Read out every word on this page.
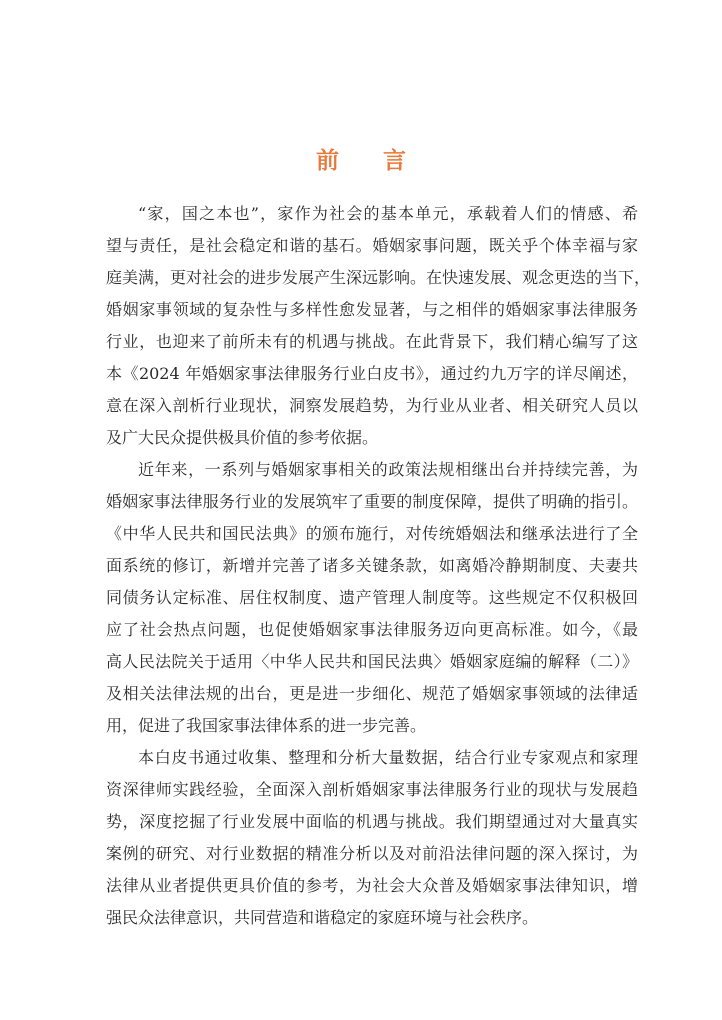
前 言
“家，国之本也”，家作为社会的基本单元，承载着人们的情感、希
望与责任，是社会稳定和谐的基石。婚姻家事问题，既关乎个体幸福与家
庭美满，更对社会的进步发展产生深远影响。在快速发展、观念更迭的当下，
婚姻家事领域的复杂性与多样性愈发显著，与之相伴的婚姻家事法律服务
行业，也迎来了前所未有的机遇与挑战。在此背景下，我们精心编写了这
本《2024 年婚姻家事法律服务行业白皮书》，通过约九万字的详尽阐述，
意在深入剖析行业现状，洞察发展趋势，为行业从业者、相关研究人员以
及广大民众提供极具价值的参考依据。
近年来，一系列与婚姻家事相关的政策法规相继出台并持续完善，为
婚姻家事法律服务行业的发展筑牢了重要的制度保障，提供了明确的指引。
《中华人民共和国民法典》的颁布施行，对传统婚姻法和继承法进行了全
面系统的修订，新增并完善了诸多关键条款，如离婚冷静期制度、夫妻共
同债务认定标准、居住权制度、遗产管理人制度等。这些规定不仅积极回
应了社会热点问题，也促使婚姻家事法律服务迈向更高标准。如今，《最
高人民法院关于适用〈中华人民共和国民法典〉婚姻家庭编的解释（二）》
及相关法律法规的出台，更是进一步细化、规范了婚姻家事领域的法律适
用，促进了我国家事法律体系的进一步完善。
本白皮书通过收集、整理和分析大量数据，结合行业专家观点和家理
资深律师实践经验，全面深入剖析婚姻家事法律服务行业的现状与发展趋
势，深度挖掘了行业发展中面临的机遇与挑战。我们期望通过对大量真实
案例的研究、对行业数据的精准分析以及对前沿法律问题的深入探讨，为
法律从业者提供更具价值的参考，为社会大众普及婚姻家事法律知识，增
强民众法律意识，共同营造和谐稳定的家庭环境与社会秩序。
